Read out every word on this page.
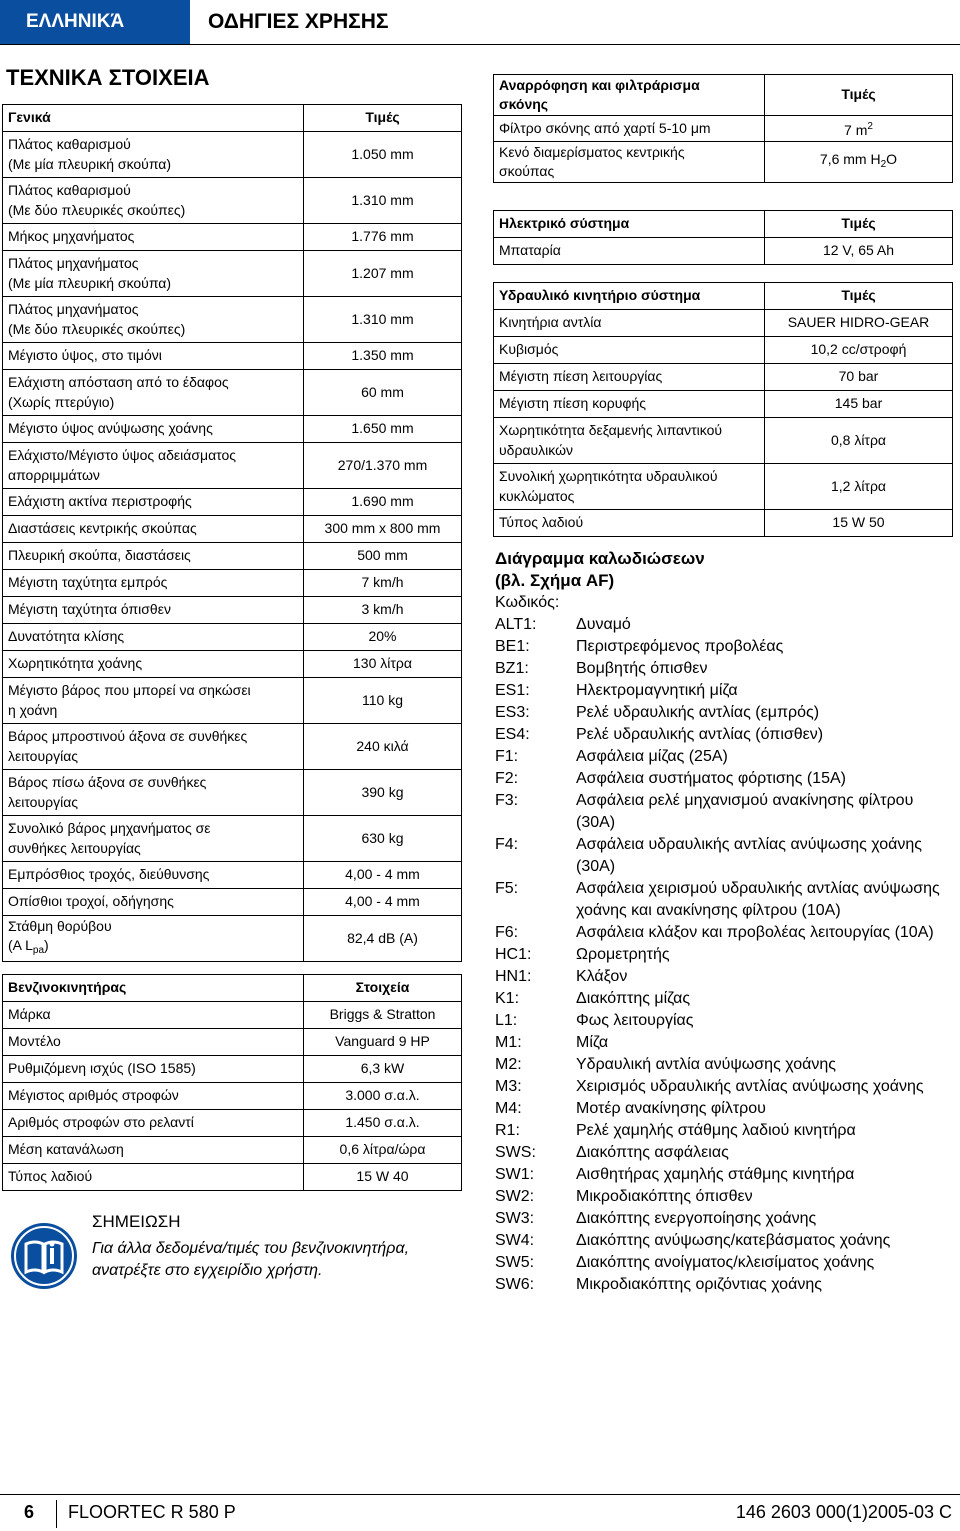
ΕΛΛΗΝΙΚΆ	ΟΔΗΓΙΕΣ ΧΡΗΣΗΣ
ΤΕΧΝΙΚΑ ΣΤΟΙΧΕΙΑ
Γενικά	Τιμές

Πλάτος καθαρισμού
(Με μία πλευρική σκούπα)	1.050 mm

Πλάτος καθαρισμού
(Με δύο πλευρικές σκούπες)	1.310 mm
Μήκος μηχανήματος	1.776 mm

Πλάτος μηχανήματος
(Με μία πλευρική σκούπα)	1.207 mm

Πλάτος μηχανήματος
(Με δύο πλευρικές σκούπες)	1.310 mm
Μέγιστο ύψος, στο τιμόνι	1.350 mm

Ελάχιστη απόσταση από το έδαφος
(Χωρίς πτερύγιο)	60 mm
Μέγιστο ύψος ανύψωσης χοάνης	1.650 mm

Ελάχιστο/Μέγιστο ύψος αδειάσματος
απορριμμάτων	270/1.370 mm
Ελάχιστη ακτίνα περιστροφής	1.690 mm
Διαστάσεις κεντρικής σκούπας	300 mm x 800 mm
Πλευρική σκούπα, διαστάσεις	500 mm
Μέγιστη ταχύτητα εμπρός	7 km/h
Μέγιστη ταχύτητα όπισθεν	3 km/h
Δυνατότητα κλίσης	20%
Χωρητικότητα χοάνης	130 λίτρα

Μέγιστο βάρος που μπορεί να σηκώσει
η χοάνη	110 kg

Βάρος μπροστινού άξονα σε συνθήκες
λειτουργίας	240 κιλά

Βάρος πίσω άξονα σε συνθήκες
λειτουργίας	390 kg

Συνολικό βάρος μηχανήματος σε
συνθήκες λειτουργίας	630 kg
Εμπρόσθιος τροχός, διεύθυνσης	4,00 - 4 mm
Οπίσθιοι τροχοί, οδήγησης	4,00 - 4 mm

Στάθμη θορύβου
(A $L_{pa}$)	82,4 dB (A)
Βενζινοκινητήρας	Στοιχεία
Μάρκα	Briggs & Stratton
Μοντέλο	Vanguard 9 HP
Ρυθμιζόμενη ισχύς (ISO 1585)	6,3 kW
Μέγιστος αριθμός στροφών	3.000 σ.α.λ.
Αριθμός στροφών στο ρελαντί	1.450 σ.α.λ.
Μέση κατανάλωση	0,6 λίτρα/ώρα
Τύπος λαδιού	15 W 40
ΣΗΜΕΙΩΣΗ
Για άλλα δεδομένα/τιμές του βενζινοκινητήρα,
ανατρέξτε στο εγχειρίδιο χρήστη.
Αναρρόφηση και φιλτράρισμα
σκόνης	Τιμές
Φίλτρο σκόνης από χαρτί 5-10 μm	7 $m^2$
Κενό διαμερίσματος κεντρικής
σκούπας	7,6 mm $H_2O$
Ηλεκτρικό σύστημα	Τιμές
Μπαταρία	12 V, 65 Ah
Υδραυλικό κινητήριο σύστημα	Τιμές
Κινητήρια αντλία	SAUER HIDRO-GEAR
Κυβισμός	10,2 cc/στροφή
Μέγιστη πίεση λειτουργίας	70 bar
Μέγιστη πίεση κορυφής	145 bar

Χωρητικότητα δεξαμενής λιπαντικού
υδραυλικών	0,8 λίτρα

Συνολική χωρητικότητα υδραυλικού
κυκλώματος	1,2 λίτρα
Τύπος λαδιού	15 W 50
Διάγραμμα καλωδιώσεων
(βλ. Σχήμα AF)
Κωδικός:
ALT1:	Δυναμό
BE1:	Περιστρεφόμενος προβολέας
BZ1:	Βομβητής όπισθεν
ES1:	Ηλεκτρομαγνητική μίζα
ES3:	Ρελέ υδραυλικής αντλίας (εμπρός)
ES4:	Ρελέ υδραυλικής αντλίας (όπισθεν)
F1:	Ασφάλεια μίζας (25A)
F2:	Ασφάλεια συστήματος φόρτισης (15A)
F3:	Ασφάλεια ρελέ μηχανισμού ανακίνησης φίλτρου (30A)
F4:	Ασφάλεια υδραυλικής αντλίας ανύψωσης χοάνης (30A)
F5:	Ασφάλεια χειρισμού υδραυλικής αντλίας ανύψωσης χοάνης και ανακίνησης φίλτρου (10A)
F6:	Ασφάλεια κλάξον και προβολέας λειτουργίας (10A)
HC1:	Ωρομετρητής
HN1:	Κλάξον
K1:	Διακόπτης μίζας
L1:	Φως λειτουργίας
M1:	Μίζα
M2:	Υδραυλική αντλία ανύψωσης χοάνης
M3:	Χειρισμός υδραυλικής αντλίας ανύψωσης χοάνης
M4:	Μοτέρ ανακίνησης φίλτρου
R1:	Ρελέ χαμηλής στάθμης λαδιού κινητήρα
SWS:	Διακόπτης ασφάλειας
SW1:	Αισθητήρας χαμηλής στάθμης κινητήρα
SW2:	Μικροδιακόπτης όπισθεν
SW3:	Διακόπτης ενεργοποίησης χοάνης
SW4:	Διακόπτης ανύψωσης/κατεβάσματος χοάνης
SW5:	Διακόπτης ανοίγματος/κλεισίματος χοάνης
SW6:	Μικροδιακόπτης οριζόντιας χοάνης
6 FLOORTEC R 580 P	146 2603 000(1)2005-03 C
